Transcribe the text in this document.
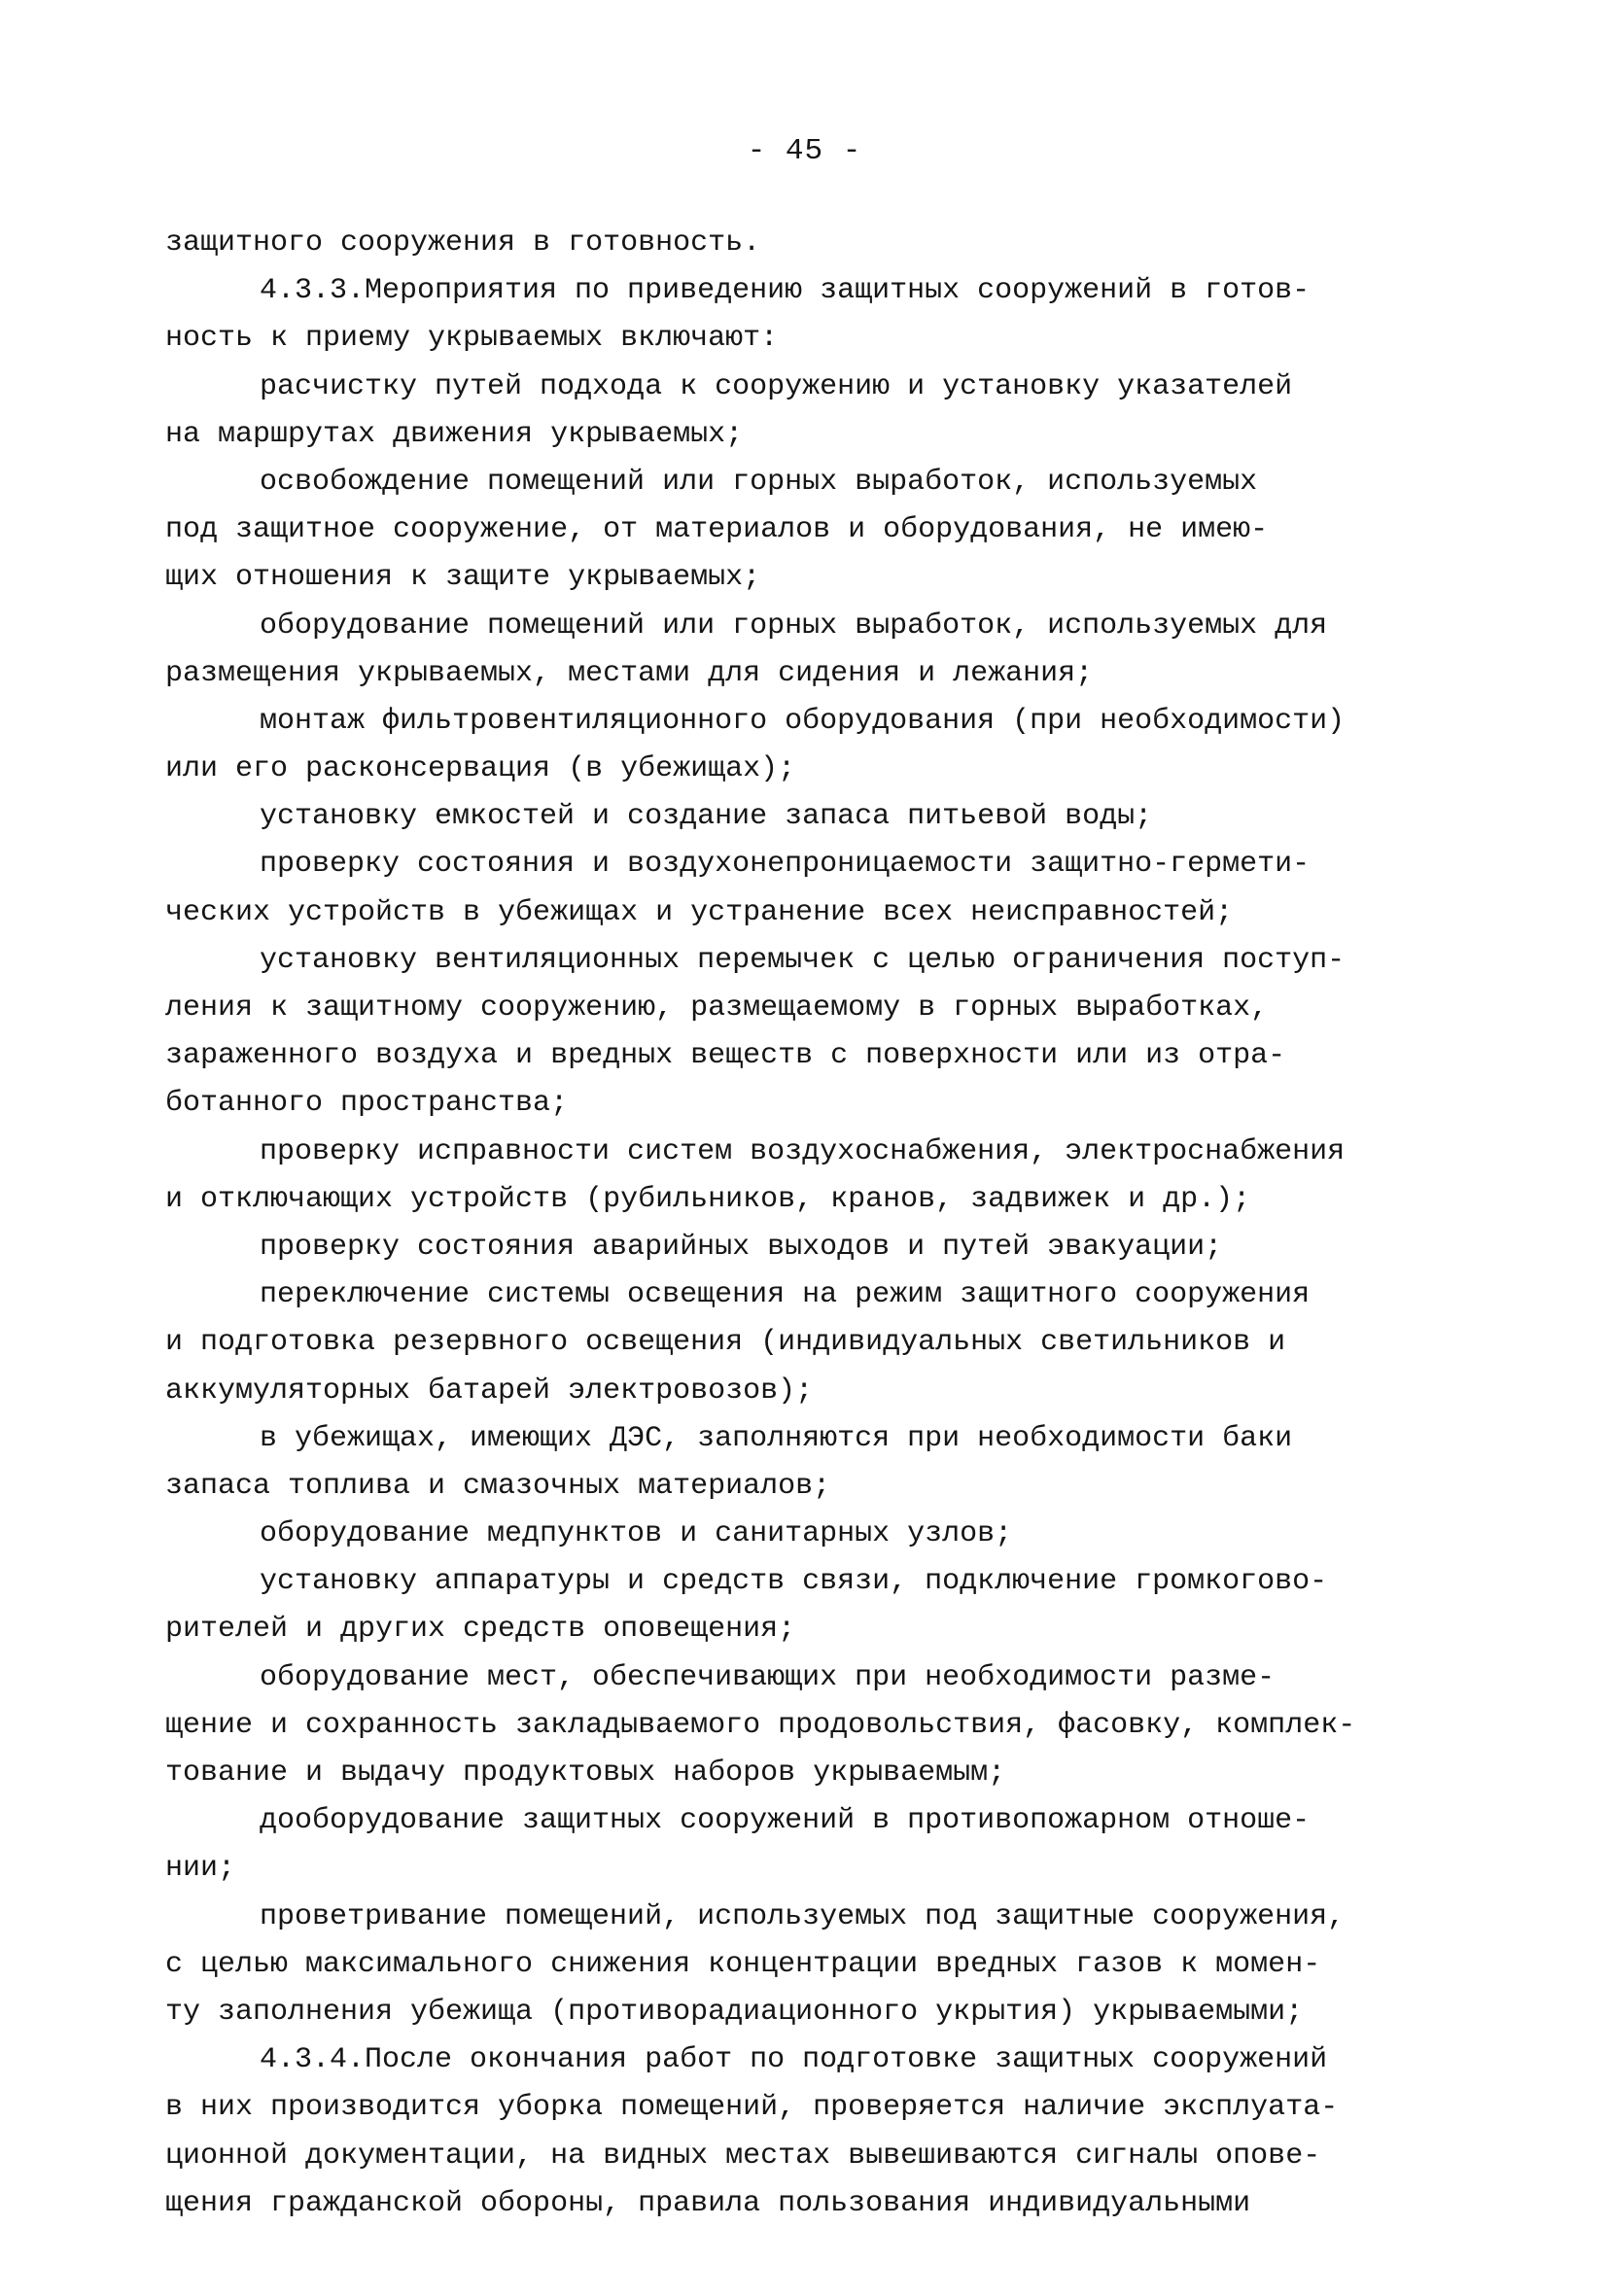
- 45 -
защитного сооружения в готовность.
4.3.3.Мероприятия по приведению защитных сооружений в готов-
ность к приему укрываемых включают:
расчистку путей подхода к сооружению и установку указателей
на маршрутах движения укрываемых;
освобождение помещений или горных выработок, используемых
под защитное сооружение, от материалов и оборудования, не имею-
щих отношения к защите укрываемых;
оборудование помещений или горных выработок, используемых для
размещения укрываемых, местами для сидения и лежания;
монтаж фильтровентиляционного оборудования (при необходимости)
или его расконсервация (в убежищах);
установку емкостей и создание запаса питьевой воды;
проверку состояния и воздухонепроницаемости защитно-гермети-
ческих устройств в убежищах и устранение всех неисправностей;
установку вентиляционных перемычек с целью ограничения поступ-
ления к защитному сооружению, размещаемому в горных выработках,
зараженного воздуха и вредных веществ с поверхности или из отра-
ботанного пространства;
проверку исправности систем воздухоснабжения, электроснабжения
и отключающих устройств (рубильников, кранов, задвижек и др.);
проверку состояния аварийных выходов и путей эвакуации;
переключение системы освещения на режим защитного сооружения
и подготовка резервного освещения (индивидуальных светильников и
аккумуляторных батарей электровозов);
в убежищах, имеющих ДЭС, заполняются при необходимости баки
запаса топлива и смазочных материалов;
оборудование медпунктов и санитарных узлов;
установку аппаратуры и средств связи, подключение громкогово-
рителей и других средств оповещения;
оборудование мест, обеспечивающих при необходимости разме-
щение и сохранность закладываемого продовольствия, фасовку, комплек-
тование и выдачу продуктовых наборов укрываемым;
дооборудование защитных сооружений в противопожарном отноше-
нии;
проветривание помещений, используемых под защитные сооружения,
с целью максимального снижения концентрации вредных газов к момен-
ту заполнения убежища (противорадиационного укрытия) укрываемыми;
4.3.4.После окончания работ по подготовке защитных сооружений
в них производится уборка помещений, проверяется наличие эксплуата-
ционной документации, на видных местах вывешиваются сигналы опове-
щения гражданской обороны, правила пользования индивидуальными
